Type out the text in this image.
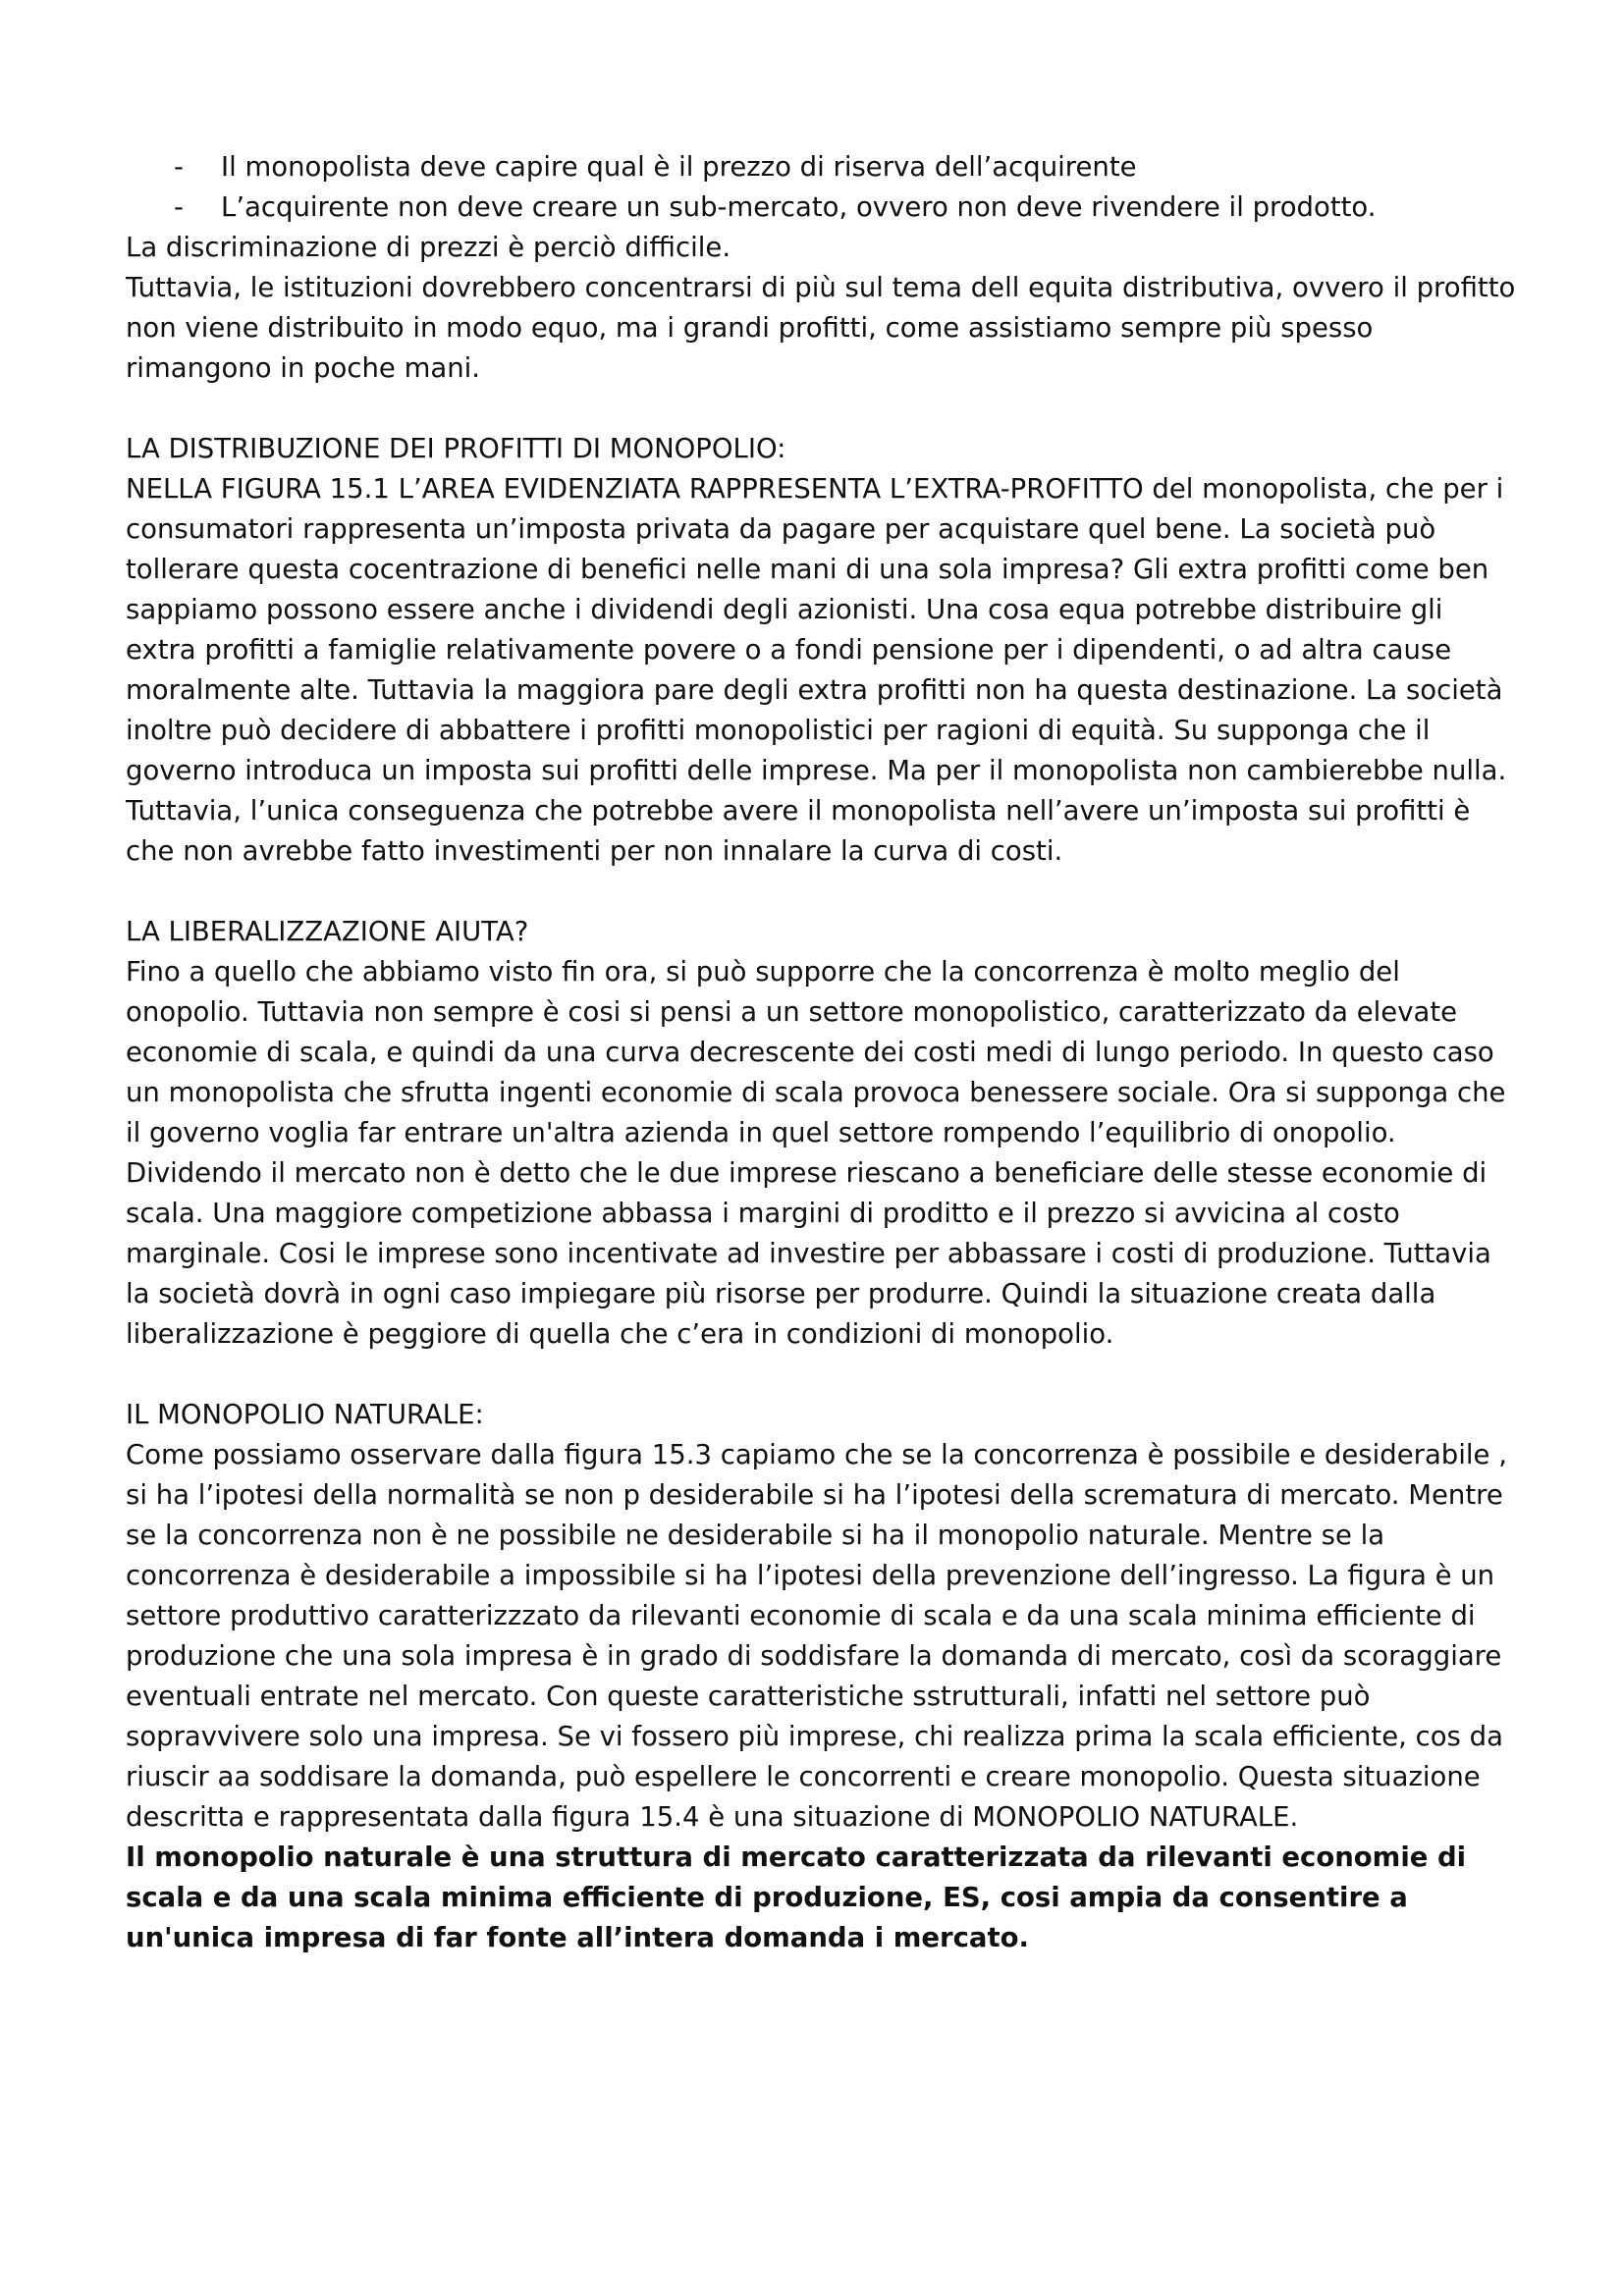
- Il monopolista deve capire qual è il prezzo di riserva dell’acquirente
- L’acquirente non deve creare un sub-mercato, ovvero non deve rivendere il prodotto.

La discriminazione di prezzi è perciò difficile.

Tuttavia, le istituzioni dovrebbero concentrarsi di più sul tema dell equita distributiva, ovvero il profitto non viene distribuito in modo equo, ma i grandi profitti, come assistiamo sempre più spesso rimangono in poche mani.

LA DISTRIBUZIONE DEI PROFITTI DI MONOPOLIO:

NELLA FIGURA 15.1 L’AREA EVIDENZIATA RAPPRESENTA L’EXTRA-PROFITTO del monopolista, che per i consumatori rappresenta un’imposta privata da pagare per acquistare quel bene. La società può tollerare questa cocentrazione di benefici nelle mani di una sola impresa? Gli extra profitti come ben sappiamo possono essere anche i dividendi degli azionisti. Una cosa equa potrebbe distribuire gli extra profitti a famiglie relativamente povere o a fondi pensione per i dipendenti, o ad altra cause moralmente alte. Tuttavia la maggiora pare degli extra profitti non ha questa destinazione. La società inoltre può decidere di abbattere i profitti monopolistici per ragioni di equità. Su supponga che il governo introduca un imposta sui profitti delle imprese. Ma per il monopolista non cambierebbe nulla.

Tuttavia, l’unica conseguenza che potrebbe avere il monopolista nell’avere un’imposta sui profitti è che non avrebbe fatto investimenti per non innalare la curva di costi.

LA LIBERALIZZAZIONE AIUTA?

Fino a quello che abbiamo visto fin ora, si può supporre che la concorrenza è molto meglio del onopolio. Tuttavia non sempre è cosi si pensi a un settore monopolistico, caratterizzato da elevate economie di scala, e quindi da una curva decrescente dei costi medi di lungo periodo. In questo caso un monopolista che sfrutta ingenti economie di scala provoca benessere sociale. Ora si supponga che il governo voglia far entrare un'altra azienda in quel settore rompendo l’equilibrio di onopolio. Dividendo il mercato non è detto che le due imprese riescano a beneficiare delle stesse economie di scala. Una maggiore competizione abbassa i margini di proditto e il prezzo si avvicina al costo marginale. Cosi le imprese sono incentivate ad investire per abbassare i costi di produzione. Tuttavia la società dovrà in ogni caso impiegare più risorse per produrre. Quindi la situazione creata dalla liberalizzazione è peggiore di quella che c’era in condizioni di monopolio.

IL MONOPOLIO NATURALE:

Come possiamo osservare dalla figura 15.3 capiamo che se la concorrenza è possibile e desiderabile , si ha l’ipotesi della normalità se non p desiderabile si ha l’ipotesi della scrematura di mercato. Mentre se la concorrenza non è ne possibile ne desiderabile si ha il monopolio naturale. Mentre se la concorrenza è desiderabile a impossibile si ha l’ipotesi della prevenzione dell’ingresso. La figura è un settore produttivo caratterizzzato da rilevanti economie di scala e da una scala minima efficiente di produzione che una sola impresa è in grado di soddisfare la domanda di mercato, così da scoraggiare eventuali entrate nel mercato. Con queste caratteristiche sstrutturali, infatti nel settore può sopravvivere solo una impresa. Se vi fossero più imprese, chi realizza prima la scala efficiente, cos da riuscir aa soddisare la domanda, può espellere le concorrenti e creare monopolio. Questa situazione descritta e rappresentata dalla figura 15.4 è una situazione di MONOPOLIO NATURALE.

Il monopolio naturale è una struttura di mercato caratterizzata da rilevanti economie di scala e da una scala minima efficiente di produzione, ES, cosi ampia da consentire a un'unica impresa di far fonte all’intera domanda i mercato.
